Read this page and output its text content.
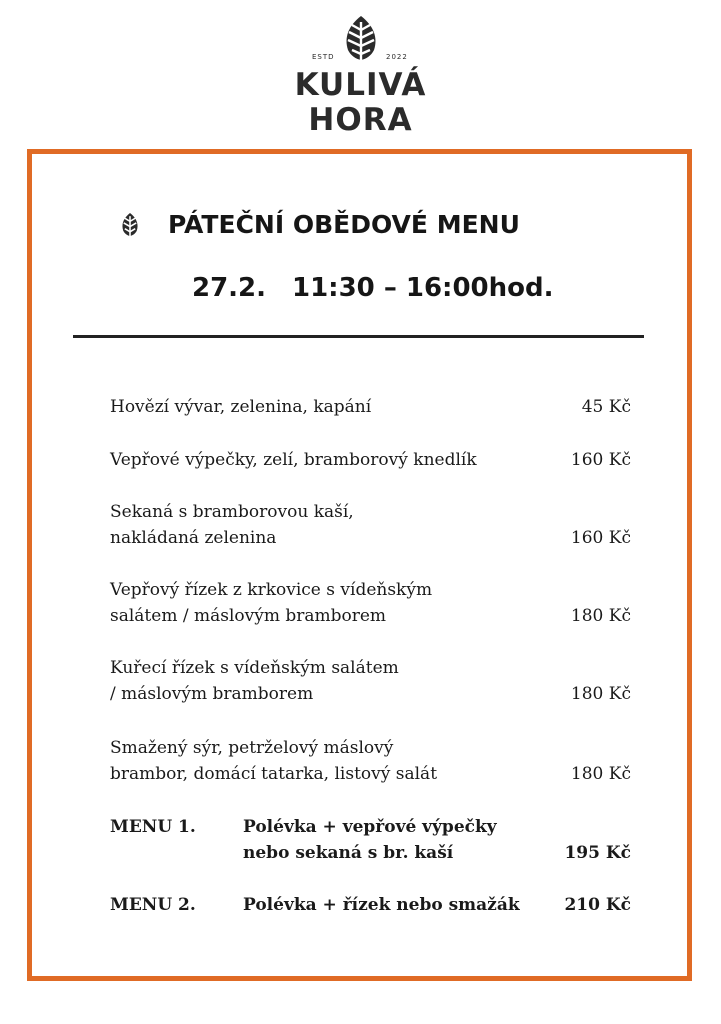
ESTD	2022
KULIVÁ
HORA
PÁTEČNÍ OBĚDOVÉ MENU
27.2. 11:30 – 16:00hod.
Hovězí vývar, zelenina, kapání	45 Kč
Vepřové výpečky, zelí, bramborový knedlík	160 Kč
Sekaná s bramborovou kaší,
nakládaná zelenina	160 Kč
Vepřový řízek z krkovice s vídeňským
salátem / máslovým bramborem	180 Kč
Kuřecí řízek s vídeňským salátem
/ máslovým bramborem	180 Kč
Smažený sýr, petrželový máslový
brambor, domácí tatarka, listový salát	180 Kč
MENU 1.	Polévka + vepřové výpečky
nebo sekaná s br. kaší	195 Kč
MENU 2.	Polévka + řízek nebo smažák	210 Kč
